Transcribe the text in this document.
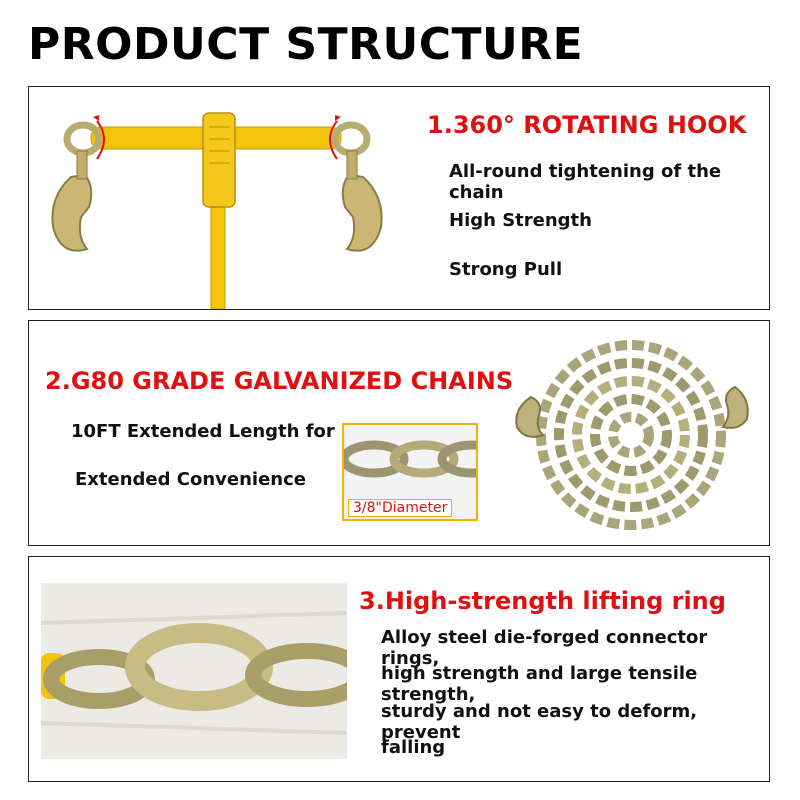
PRODUCT STRUCTURE
1.360° ROTATING HOOK
All-round tightening of the chain
High Strength
Strong Pull
2.G80 GRADE GALVANIZED CHAINS
10FT Extended Length for
Extended Convenience
3/8"Diameter
3.High-strength lifting ring
Alloy steel die-forged connector rings,
high strength and large tensile strength,
sturdy and not easy to deform, prevent
falling
